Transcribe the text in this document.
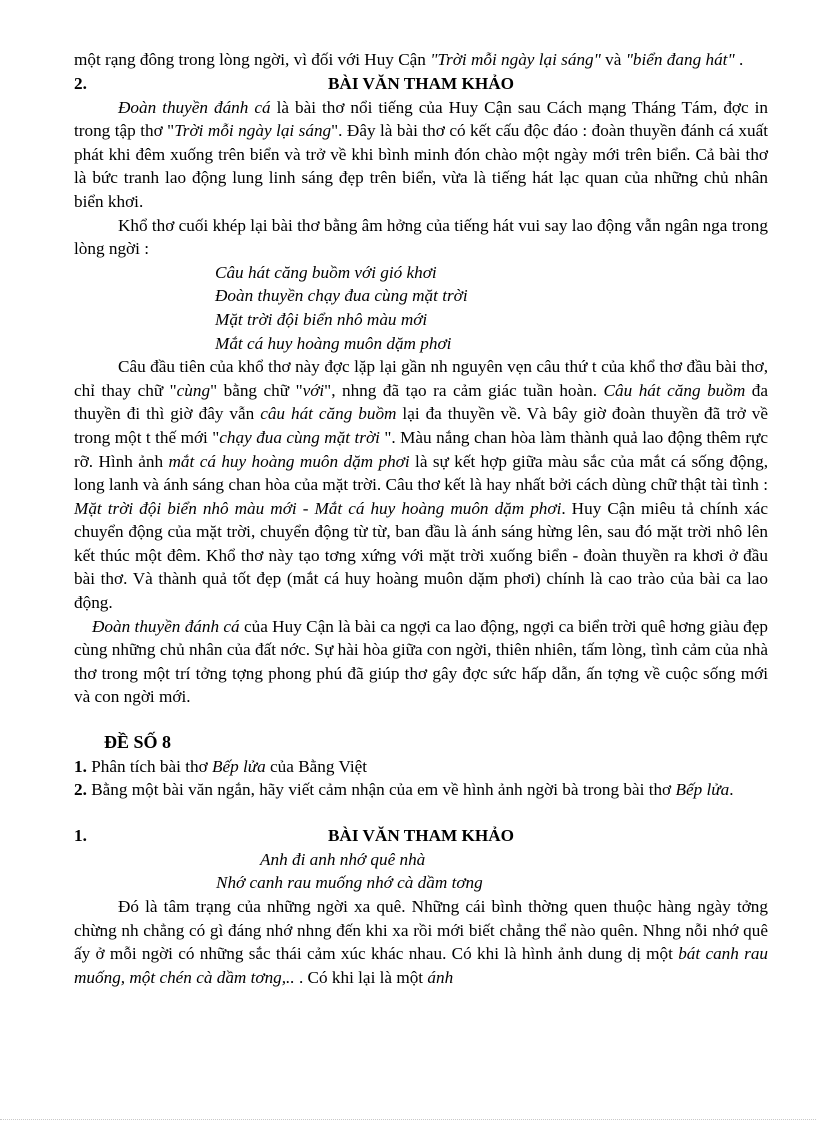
một rạng đông trong lòng ngời, vì đối với Huy Cận "Trời mỗi ngày lại sáng" và "biển đang hát" .

2.	BÀI VĂN THAM KHẢO

Đoàn thuyền đánh cá là bài thơ nổi tiếng của Huy Cận sau Cách mạng Tháng Tám, đợc in trong tập thơ "Trời mỗi ngày lại sáng". Đây là bài thơ có kết cấu độc đáo : đoàn thuyền đánh cá xuất phát khi đêm xuống trên biển và trở về khi bình minh đón chào một ngày mới trên biển. Cả bài thơ là bức tranh lao động lung linh sáng đẹp trên biển, vừa là tiếng hát lạc quan của những chủ nhân biển khơi.

Khổ thơ cuối khép lại bài thơ bằng âm hởng của tiếng hát vui say lao động vẫn ngân nga trong lòng ngời :

Câu hát căng buồm với gió khơi
Đoàn thuyền chạy đua cùng mặt trời
Mặt trời đội biển nhô màu mới
Mắt cá huy hoàng muôn dặm phơi

Câu đầu tiên của khổ thơ này đợc lặp lại gần nh nguyên vẹn câu thứ t của khổ thơ đầu bài thơ, chỉ thay chữ "cùng" bằng chữ "với", nhng đã tạo ra cảm giác tuần hoàn. Câu hát căng buồm đa thuyền đi thì giờ đây vẫn câu hát căng buồm lại đa thuyền về. Và bây giờ đoàn thuyền đã trở về trong một t thế mới "chạy đua cùng mặt trời ". Màu nắng chan hòa làm thành quả lao động thêm rực rỡ. Hình ảnh mắt cá huy hoàng muôn dặm phơi là sự kết hợp giữa màu sắc của mắt cá sống động, long lanh và ánh sáng chan hòa của mặt trời. Câu thơ kết là hay nhất bởi cách dùng chữ thật tài tình : Mặt trời đội biển nhô màu mới - Mắt cá huy hoàng muôn dặm phơi. Huy Cận miêu tả chính xác chuyển động của mặt trời, chuyển động từ từ, ban đầu là ánh sáng hừng lên, sau đó mặt trời nhô lên kết thúc một đêm. Khổ thơ này tạo tơng xứng với mặt trời xuống biển - đoàn thuyền ra khơi ở đầu bài thơ. Và thành quả tốt đẹp (mắt cá huy hoàng muôn dặm phơi) chính là cao trào của bài ca lao động.

Đoàn thuyền đánh cá của Huy Cận là bài ca ngợi ca lao động, ngợi ca biển trời quê hơng giàu đẹp cùng những chủ nhân của đất nớc. Sự hài hòa giữa con ngời, thiên nhiên, tấm lòng, tình cảm của nhà thơ trong một trí tởng tợng phong phú đã giúp thơ gây đợc sức hấp dẫn, ấn tợng về cuộc sống mới và con ngời mới.

ĐỀ SỐ 8

1. Phân tích bài thơ Bếp lửa của Bằng Việt

2. Bằng một bài văn ngắn, hãy viết cảm nhận của em về hình ảnh ngời bà trong bài thơ Bếp lửa.

1.	BÀI VĂN THAM KHẢO
Anh đi anh nhớ quê nhà
Nhớ canh rau muống nhớ cà dầm tơng

Đó là tâm trạng của những ngời xa quê. Những cái bình thờng quen thuộc hàng ngày tởng chừng nh chẳng có gì đáng nhớ nhng đến khi xa rồi mới biết chẳng thể nào quên. Nhng nỗi nhớ quê ấy ở mỗi ngời có những sắc thái cảm xúc khác nhau. Có khi là hình ảnh dung dị một bát canh rau muống, một chén cà dầm tơng,.. . Có khi lại là một ánh
